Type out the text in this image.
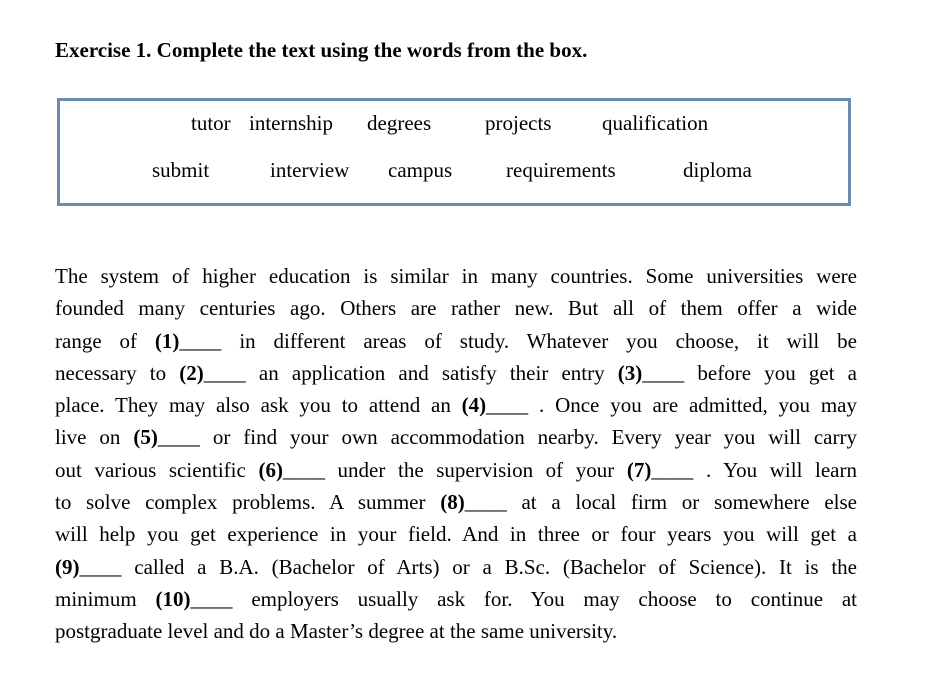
Exercise 1. Complete the text using the words from the box.
tutor internship degrees	projects qualification
submit	interview campus	requirements	diploma
The system of higher education is similar in many countries. Some universities were
founded many centuries ago. Others are rather new. But all of them offer a wide
range of (1)____ in different areas of study. Whatever you choose, it will be
necessary to (2)____ an application and satisfy their entry (3)____ before you get a
place. They may also ask you to attend an (4)____ . Once you are admitted, you may
live on (5)____ or find your own accommodation nearby. Every year you will carry
out various scientific (6)____ under the supervision of your (7)____ . You will learn
to solve complex problems. A summer (8)____ at a local firm or somewhere else
will help you get experience in your field. And in three or four years you will get a
(9)____ called a B.A. (Bachelor of Arts) or a B.Sc. (Bachelor of Science). It is the
minimum (10)____ employers usually ask for. You may choose to continue at
postgraduate level and do a Master’s degree at the same university.
